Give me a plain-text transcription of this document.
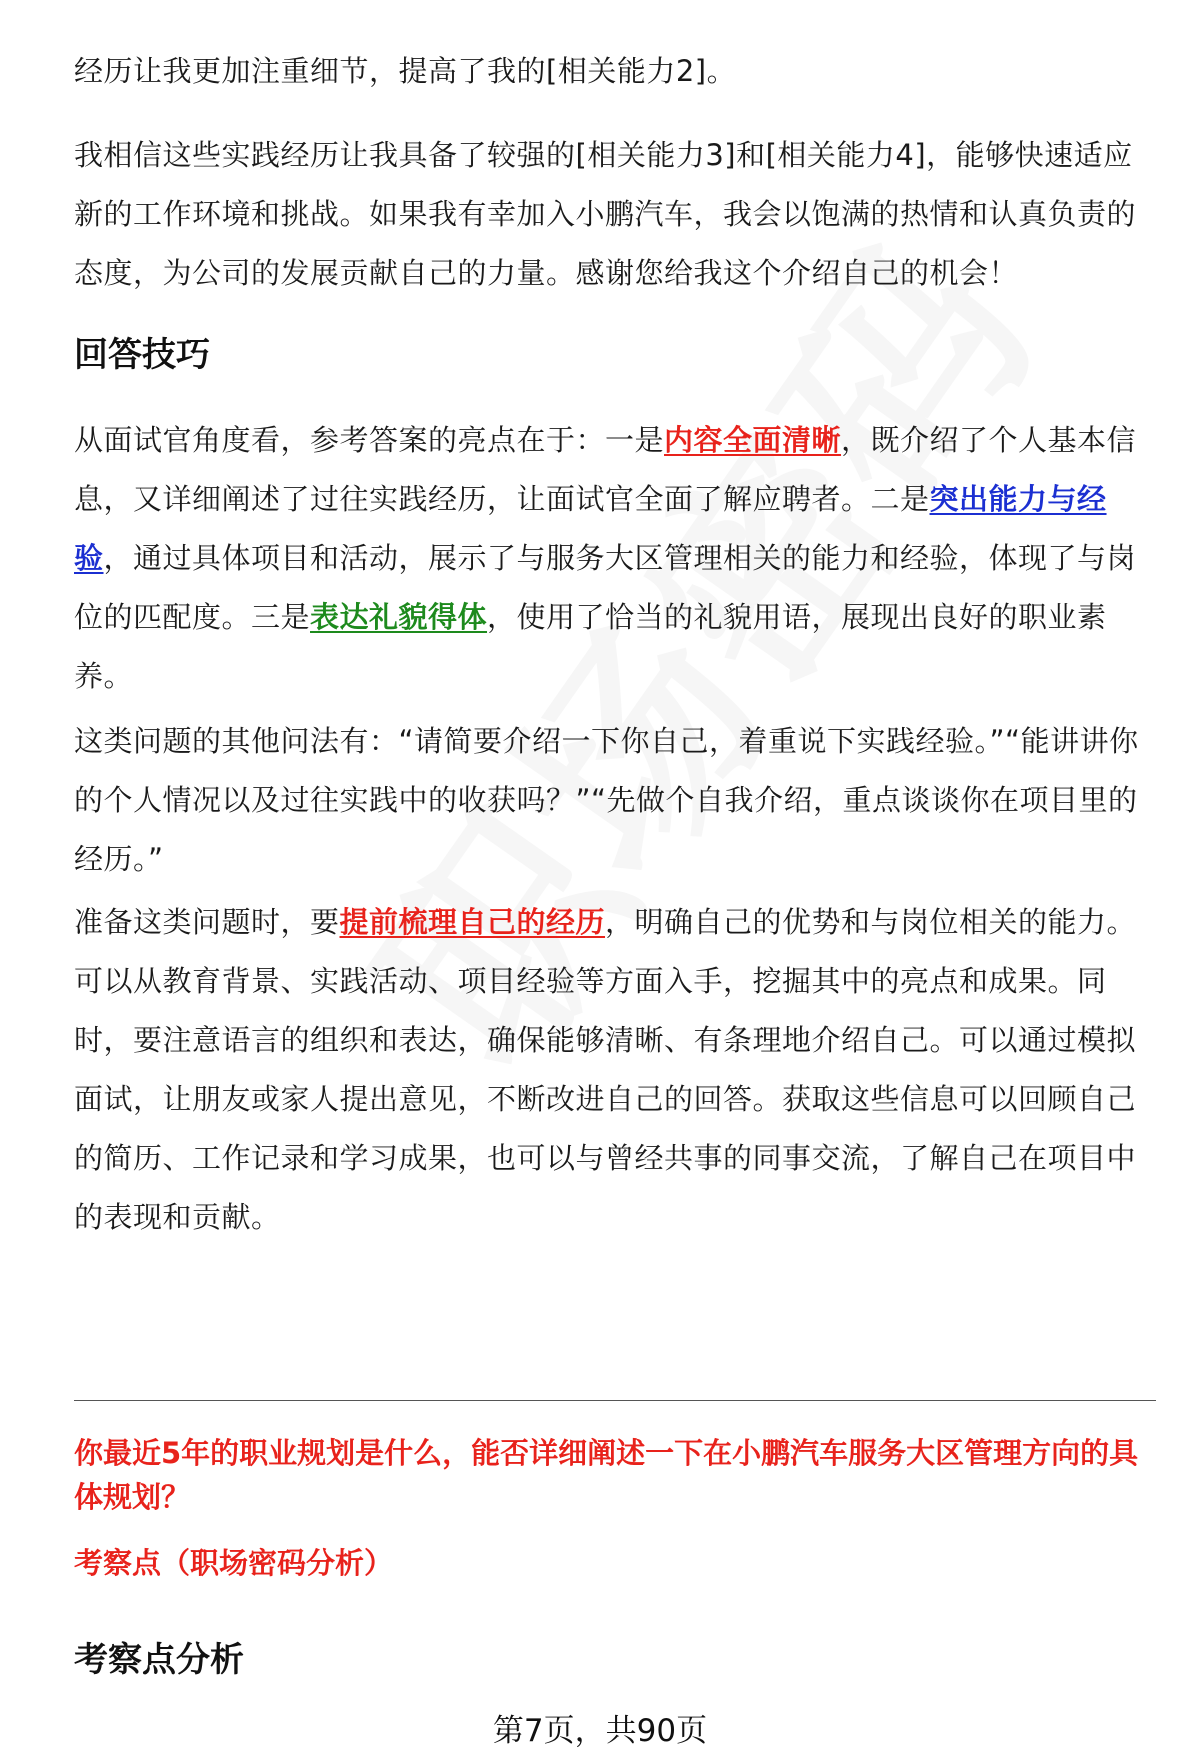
经历让我更加注重细节，提高了我的[相关能力2]。

我相信这些实践经历让我具备了较强的[相关能力3]和[相关能力4]，能够快速适应新的工作环境和挑战。如果我有幸加入小鹏汽车，我会以饱满的热情和认真负责的态度，为公司的发展贡献自己的力量。感谢您给我这个介绍自己的机会！

回答技巧

从面试官角度看，参考答案的亮点在于：一是内容全面清晰，既介绍了个人基本信息，又详细阐述了过往实践经历，让面试官全面了解应聘者。二是突出能力与经验，通过具体项目和活动，展示了与服务大区管理相关的能力和经验，体现了与岗位的匹配度。三是表达礼貌得体，使用了恰当的礼貌用语，展现出良好的职业素养。

这类问题的其他问法有：“请简要介绍一下你自己，着重说下实践经验。”“能讲讲你的个人情况以及过往实践中的收获吗？”“先做个自我介绍，重点谈谈你在项目里的经历。”

准备这类问题时，要提前梳理自己的经历，明确自己的优势和与岗位相关的能力。可以从教育背景、实践活动、项目经验等方面入手，挖掘其中的亮点和成果。同时，要注意语言的组织和表达，确保能够清晰、有条理地介绍自己。可以通过模拟面试，让朋友或家人提出意见，不断改进自己的回答。获取这些信息可以回顾自己的简历、工作记录和学习成果，也可以与曾经共事的同事交流，了解自己在项目中的表现和贡献。

你最近5年的职业规划是什么，能否详细阐述一下在小鹏汽车服务大区管理方向的具体规划？

考察点（职场密码分析）

考察点分析

第7页，共90页
